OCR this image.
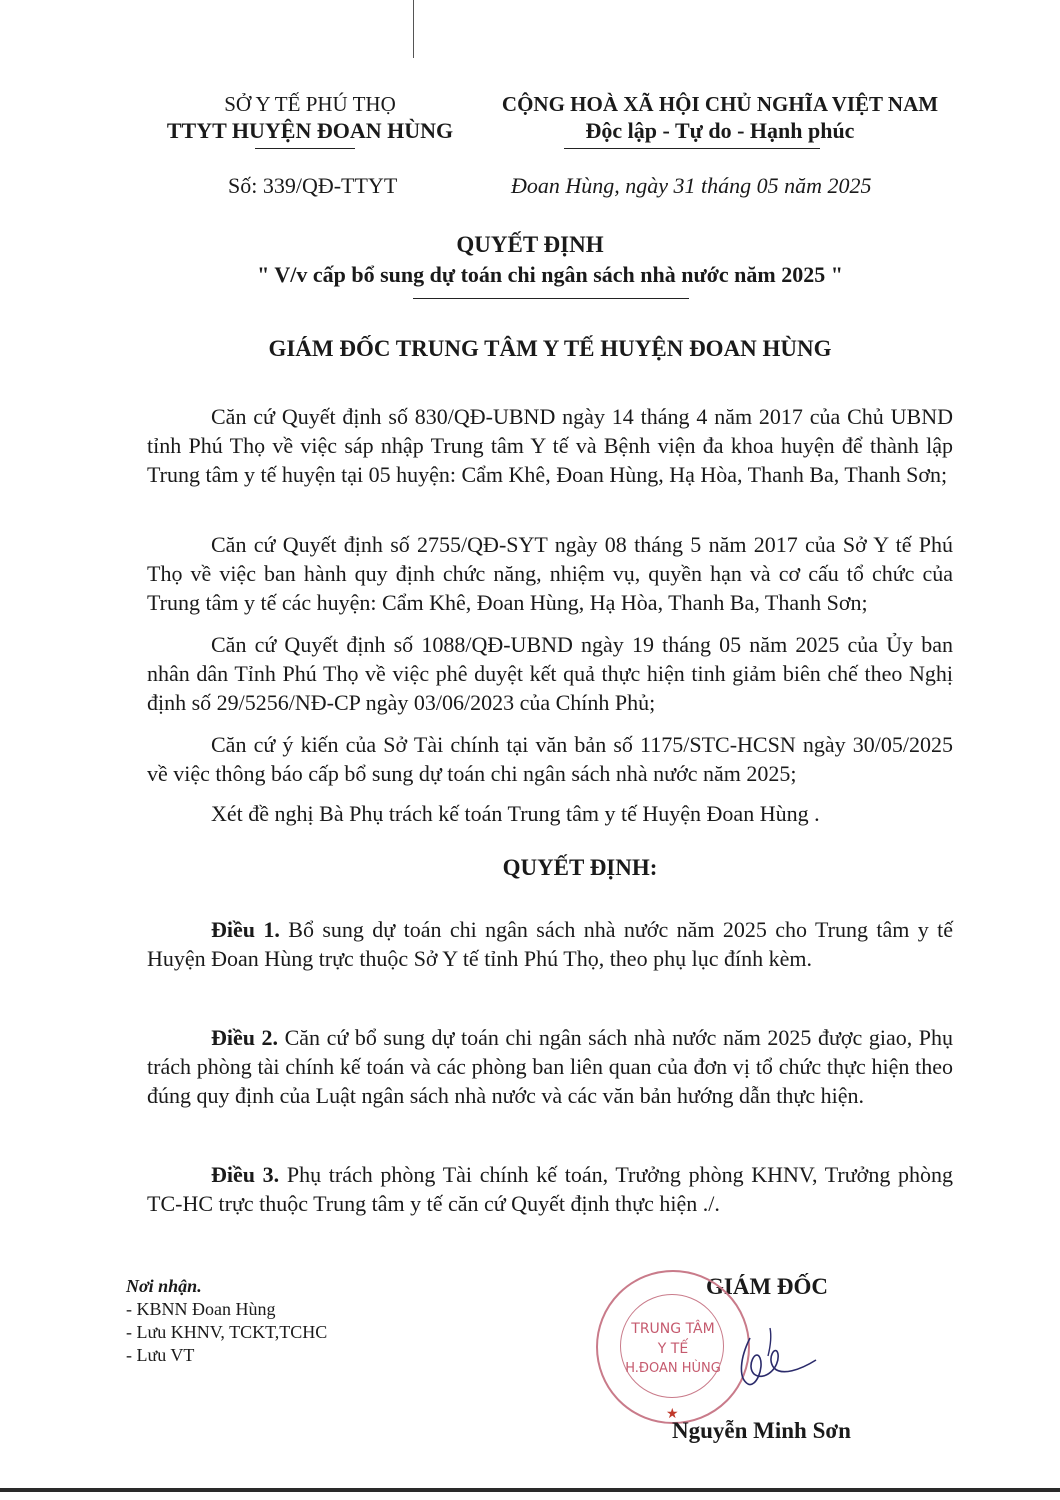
SỞ Y TẾ PHÚ THỌ
TTYT HUYỆN ĐOAN HÙNG
CỘNG HOÀ XÃ HỘI CHỦ NGHĨA VIỆT NAM
Độc lập - Tự do - Hạnh phúc
Số: 339/QĐ-TTYT	Đoan Hùng, ngày 31 tháng 05 năm 2025
QUYẾT ĐỊNH
" V/v cấp bổ sung dự toán chi ngân sách nhà nước năm 2025 "
GIÁM ĐỐC TRUNG TÂM Y TẾ HUYỆN ĐOAN HÙNG
Căn cứ Quyết định số 830/QĐ-UBND ngày 14 tháng 4 năm 2017 của Chủ UBND tỉnh Phú Thọ về việc sáp nhập Trung tâm Y tế và Bệnh viện đa khoa huyện để thành lập Trung tâm y tế huyện tại 05 huyện: Cẩm Khê, Đoan Hùng, Hạ Hòa, Thanh Ba, Thanh Sơn;
Căn cứ Quyết định số 2755/QĐ-SYT ngày 08 tháng 5 năm 2017 của Sở Y tế Phú Thọ về việc ban hành quy định chức năng, nhiệm vụ, quyền hạn và cơ cấu tổ chức của Trung tâm y tế các huyện: Cẩm Khê, Đoan Hùng, Hạ Hòa, Thanh Ba, Thanh Sơn;
Căn cứ Quyết định số 1088/QĐ-UBND ngày 19 tháng 05 năm 2025 của Ủy ban nhân dân Tỉnh Phú Thọ về việc phê duyệt kết quả thực hiện tinh giảm biên chế theo Nghị định số 29/5256/NĐ-CP ngày 03/06/2023 của Chính Phủ;
Căn cứ ý kiến của Sở Tài chính tại văn bản số 1175/STC-HCSN ngày 30/05/2025 về việc thông báo cấp bổ sung dự toán chi ngân sách nhà nước năm 2025;
Xét đề nghị Bà Phụ trách kế toán Trung tâm y tế Huyện Đoan Hùng .
QUYẾT ĐỊNH:
Điều 1. Bổ sung dự toán chi ngân sách nhà nước năm 2025 cho Trung tâm y tế Huyện Đoan Hùng trực thuộc Sở Y tế tỉnh Phú Thọ, theo phụ lục đính kèm.
Điều 2. Căn cứ bổ sung dự toán chi ngân sách nhà nước năm 2025 được giao, Phụ trách phòng tài chính kế toán và các phòng ban liên quan của đơn vị tổ chức thực hiện theo đúng quy định của Luật ngân sách nhà nước và các văn bản hướng dẫn thực hiện.
Điều 3. Phụ trách phòng Tài chính kế toán, Trưởng phòng KHNV, Trưởng phòng TC-HC trực thuộc Trung tâm y tế căn cứ Quyết định thực hiện ./.
Nơi nhận.
- KBNN Đoan Hùng
- Lưu KHNV, TCKT,TCHC
- Lưu VT
GIÁM ĐỐC
TRUNG TÂM
Y TẾ
H.ĐOAN HÙNG
★
Nguyễn Minh Sơn
